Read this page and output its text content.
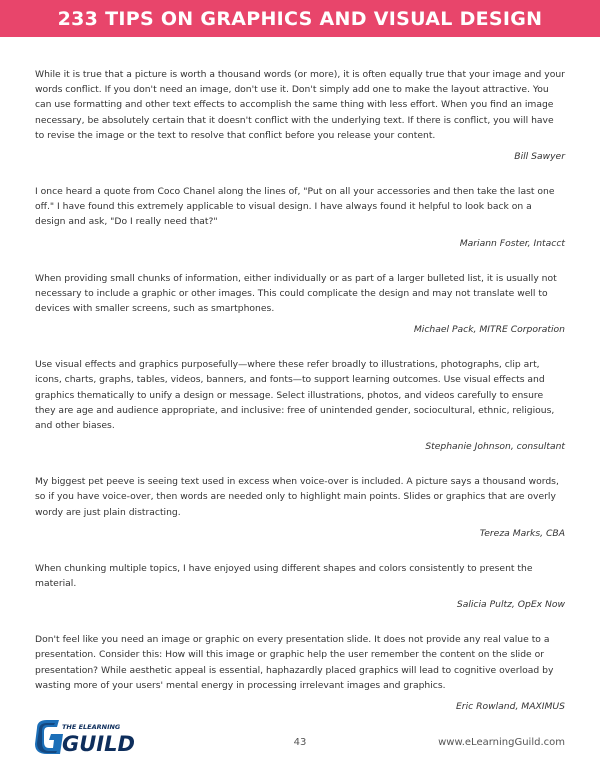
233 TIPS ON GRAPHICS AND VISUAL DESIGN

While it is true that a picture is worth a thousand words (or more), it is often equally true that your image and your words conflict. If you don't need an image, don't use it. Don't simply add one to make the layout attractive. You can use formatting and other text effects to accomplish the same thing with less effort. When you find an image necessary, be absolutely certain that it doesn't conflict with the underlying text. If there is conflict, you will have to revise the image or the text to resolve that conflict before you release your content.

Bill Sawyer

I once heard a quote from Coco Chanel along the lines of, "Put on all your accessories and then take the last one off." I have found this extremely applicable to visual design. I have always found it helpful to look back on a design and ask, "Do I really need that?"

Mariann Foster, Intacct

When providing small chunks of information, either individually or as part of a larger bulleted list, it is usually not necessary to include a graphic or other images. This could complicate the design and may not translate well to devices with smaller screens, such as smartphones.

Michael Pack, MITRE Corporation

Use visual effects and graphics purposefully—where these refer broadly to illustrations, photographs, clip art, icons, charts, graphs, tables, videos, banners, and fonts—to support learning outcomes. Use visual effects and graphics thematically to unify a design or message. Select illustrations, photos, and videos carefully to ensure they are age and audience appropriate, and inclusive: free of unintended gender, sociocultural, ethnic, religious, and other biases.

Stephanie Johnson, consultant

My biggest pet peeve is seeing text used in excess when voice-over is included. A picture says a thousand words, so if you have voice-over, then words are needed only to highlight main points. Slides or graphics that are overly wordy are just plain distracting.

Tereza Marks, CBA

When chunking multiple topics, I have enjoyed using different shapes and colors consistently to present the material.

Salicia Pultz, OpEx Now

Don't feel like you need an image or graphic on every presentation slide. It does not provide any real value to a presentation. Consider this: How will this image or graphic help the user remember the content on the slide or presentation? While aesthetic appeal is essential, haphazardly placed graphics will lead to cognitive overload by wasting more of your users' mental energy in processing irrelevant images and graphics.

Eric Rowland, MAXIMUS

THE ELEARNING
GUILD	43	www.eLearningGuild.com
